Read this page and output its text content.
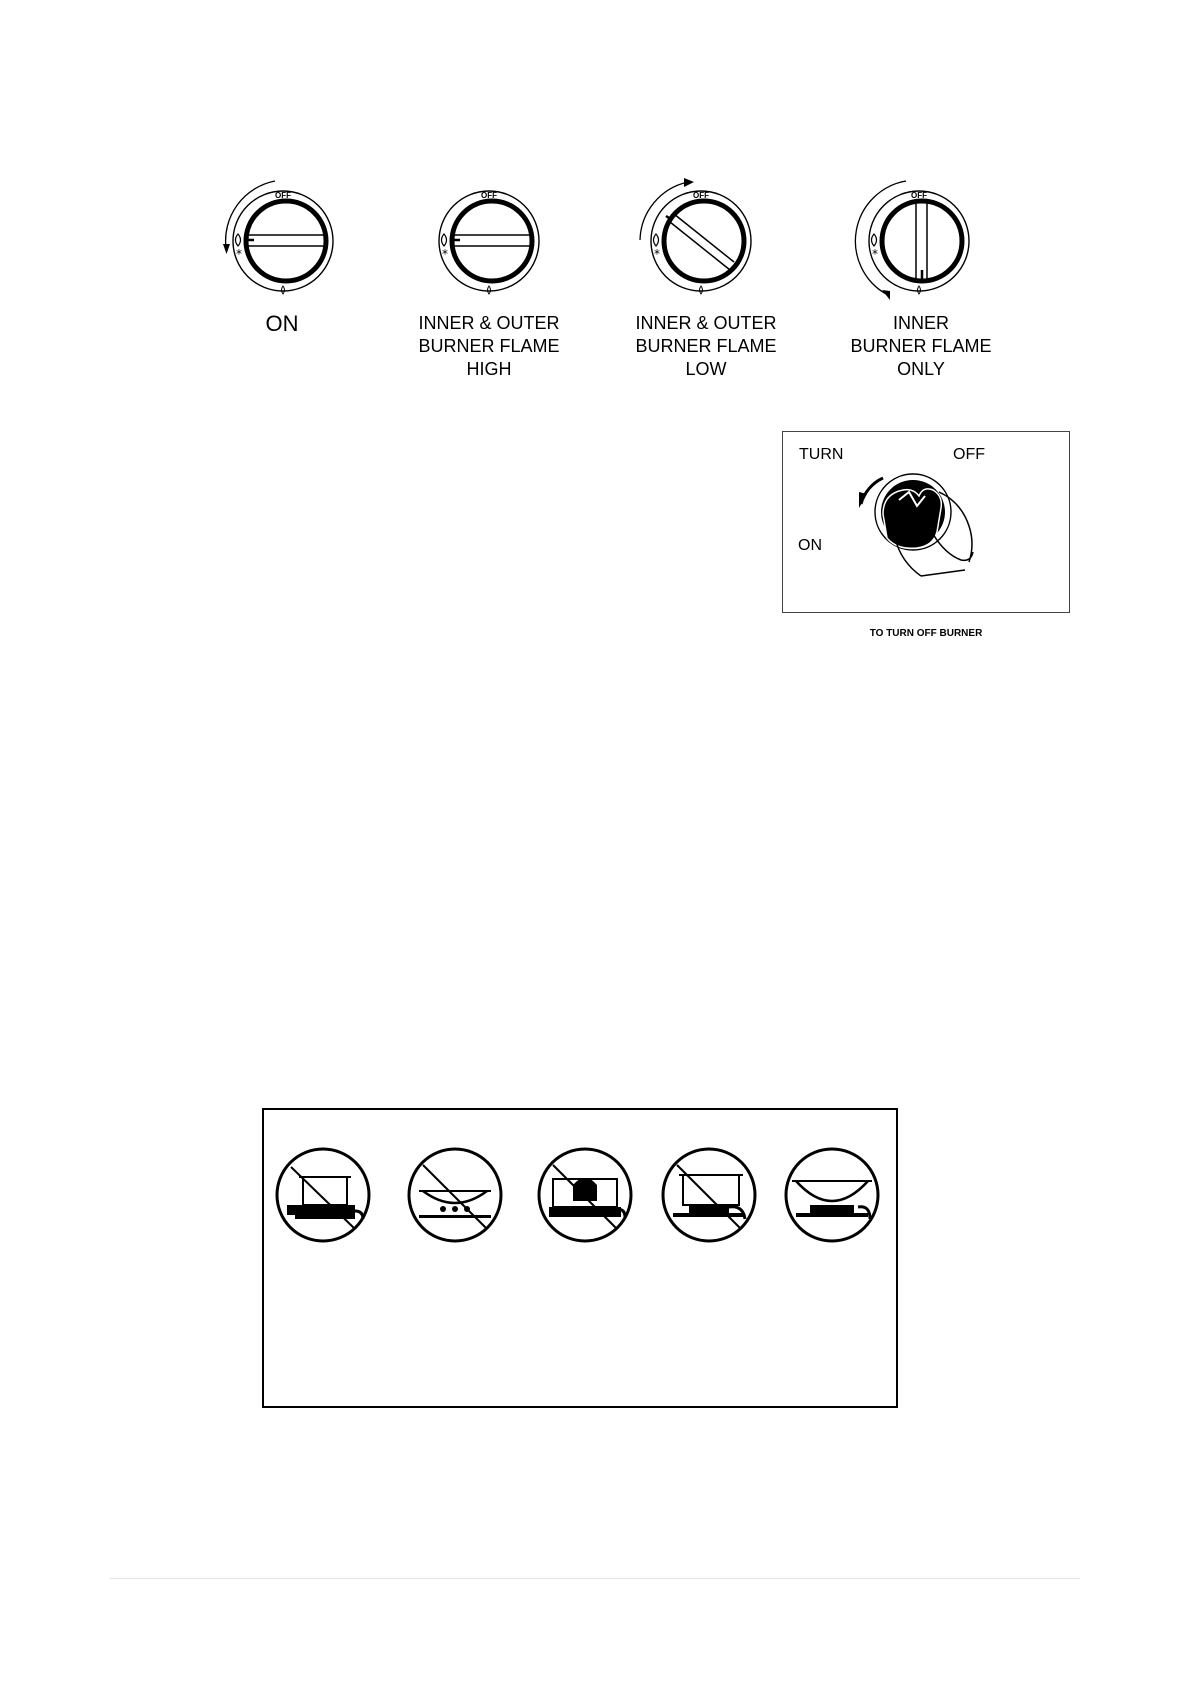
*
OFF
ON
*
OFF
INNER & OUTER
BURNER FLAME
HIGH
*
OFF
INNER & OUTER
BURNER FLAME
LOW
*
OFF
INNER
BURNER FLAME
ONLY
TURN	OFF
ON
TO TURN OFF BURNER
